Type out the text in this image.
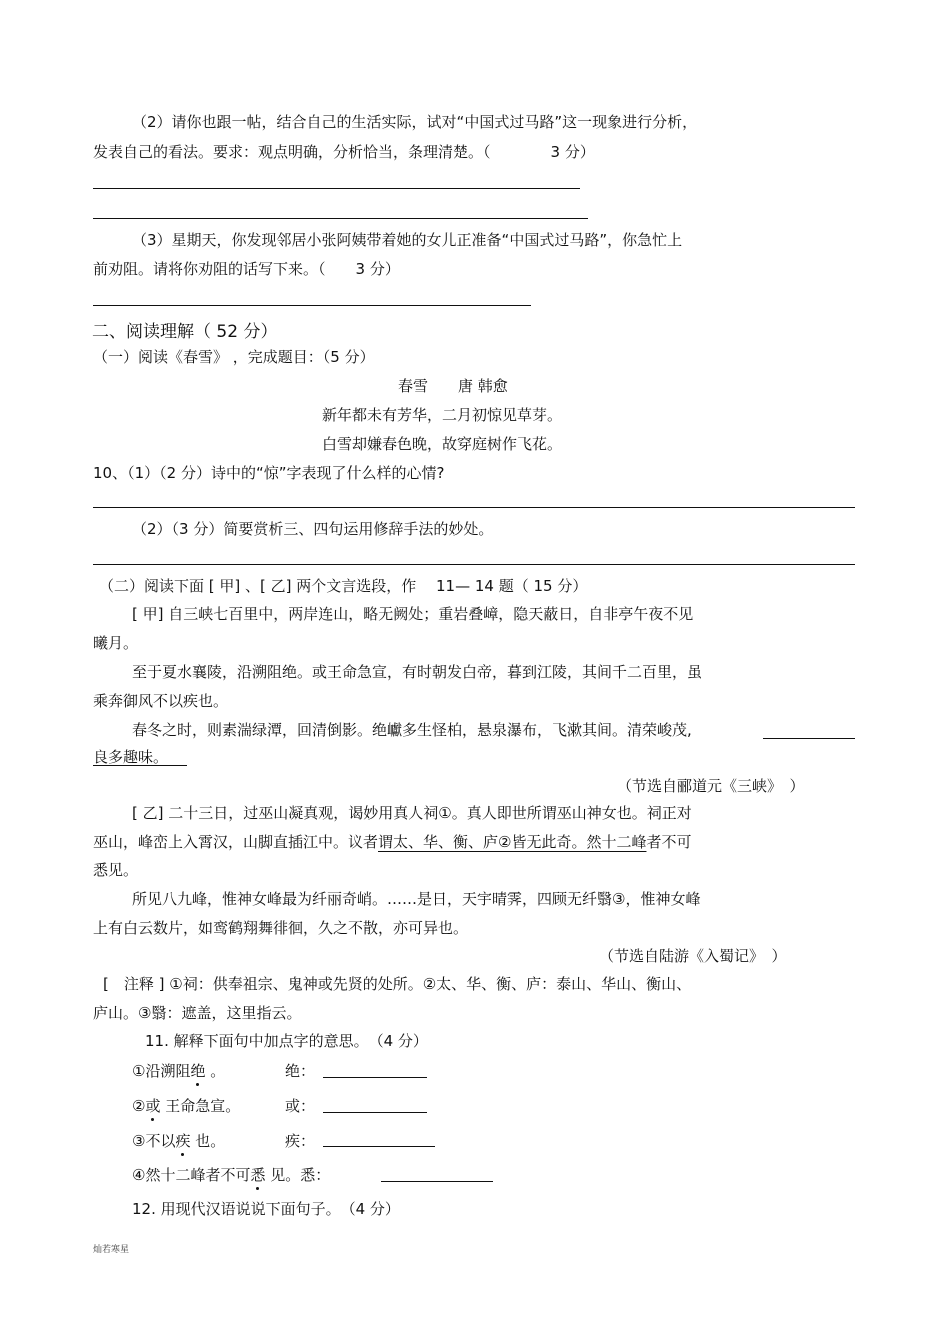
（2）请你也跟一帖，结合自己的生活实际，试对“中国式过马路”这一现象进行分析，
发表自己的看法。要求：观点明确，分析恰当，条理清楚。（　　　　3 分）
（3）星期天，你发现邻居小张阿姨带着她的女儿正准备“中国式过马路”，你急忙上
前劝阻。请将你劝阻的话写下来。（　　3 分）
二、阅读理解（ 52 分）
（一）阅读《春雪》 ，完成题目：（5 分）
春雪　　唐 韩愈
新年都未有芳华，二月初惊见草芽。
白雪却嫌春色晚，故穿庭树作飞花。
10、（1）（2 分）诗中的“惊”字表现了什么样的心情?
（2）（3 分）简要赏析三、四句运用修辞手法的妙处。
（二）阅读下面 [ 甲] 、[ 乙] 两个文言选段，作　 11— 14 题（ 15 分）
[ 甲] 自三峡七百里中，两岸连山，略无阙处；重岩叠嶂，隐天蔽日，自非亭午夜不见
曦月。
至于夏水襄陵，沿溯阻绝。或王命急宣，有时朝发白帝，暮到江陵，其间千二百里，虽
乘奔御风不以疾也。
春冬之时，则素湍绿潭，回清倒影。绝巘多生怪柏，悬泉瀑布，飞漱其间。清荣峻茂,
良多趣味。
（节选自郦道元《三峡》　）
[ 乙] 二十三日，过巫山凝真观，谒妙用真人祠①。真人即世所谓巫山神女也。祠正对
巫山，峰峦上入霄汉，山脚直插江中。议者谓太、华、衡、庐②皆无此奇。然十二峰者不可
悉见。
所见八九峰，惟神女峰最为纤丽奇峭。……是日，天宇晴霁，四顾无纤翳③，惟神女峰
上有白云数片，如鸾鹤翔舞徘徊，久之不散，亦可异也。
（节选自陆游《入蜀记》　）
[　注释 ] ①祠：供奉祖宗、鬼神或先贤的处所。②太、华、衡、庐：泰山、华山、衡山、
庐山。③翳：遮盖，这里指云。
11. 解释下面句中加点字的意思。　（4 分）
①沿溯阻绝 。	绝：
②或 王命急宣。	或：
③不以疾 也。	疾：
④然十二峰者不可悉 见。悉：
12. 用现代汉语说说下面句子。　（4 分）
灿若寒星
